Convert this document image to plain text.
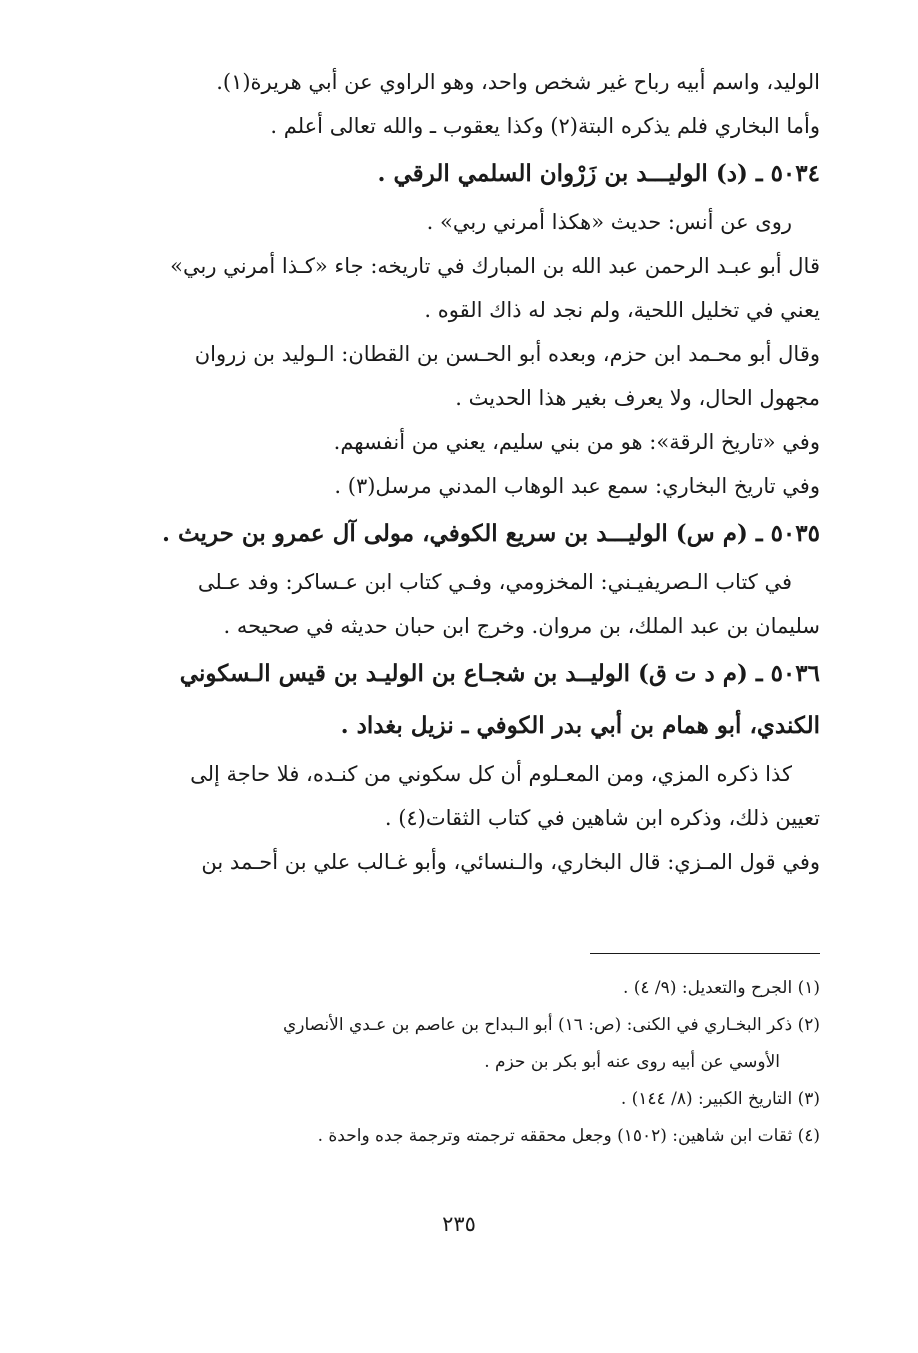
الوليد، واسم أبيه رباح غير شخص واحد، وهو الراوي عن أبي هريرة(١).
وأما البخاري فلم يذكره البتة(٢) وكذا يعقوب ـ والله تعالى أعلم .
٥٠٣٤ ـ (د) الوليـــد بن زَرْوان السلمي الرقي .
روى عن أنس: حديث «هكذا أمرني ربي» .
قال أبو عبـد الرحمن عبد الله بن المبارك في تاريخه: جاء «كـذا أمرني ربي»
يعني في تخليل اللحية، ولم نجد له ذاك القوه .
وقال أبو محـمد ابن حزم، وبعده أبو الحـسن بن القطان: الـوليد بن زروان
مجهول الحال، ولا يعرف بغير هذا الحديث .
وفي «تاريخ الرقة»: هو من بني سليم، يعني من أنفسهم.
وفي تاريخ البخاري: سمع عبد الوهاب المدني مرسل(٣) .
٥٠٣٥ ـ (م س) الوليـــد بن سريع الكوفي، مولى آل عمرو بن حريث .
في كتاب الـصريفيـني: المخزومي، وفـي كتاب ابن عـساكر: وفد عـلى
سليمان بن عبد الملك، بن مروان. وخرج ابن حبان حديثه في صحيحه .
٥٠٣٦ ـ (م د ت ق) الوليــد بن شجـاع بن الوليـد بن قيس الـسكوني
الكندي، أبو همام بن أبي بدر الكوفي ـ نزيل بغداد .
كذا ذكره المزي، ومن المعـلوم أن كل سكوني من كنـده، فلا حاجة إلى
تعيين ذلك، وذكره ابن شاهين في كتاب الثقات(٤) .
وفي قول المـزي: قال البخاري، والـنسائي، وأبو غـالب علي بن أحـمد بن
(١) الجرح والتعديل: (٩/ ٤) .
(٢) ذكر البخـاري في الكنى: (ص: ١٦) أبو الـبداح بن عاصم بن عـدي الأنصاري
الأوسي عن أبيه روى عنه أبو بكر بن حزم .
(٣) التاريخ الكبير: (٨/ ١٤٤) .
(٤) ثقات ابن شاهين: (١٥٠٢) وجعل محققه ترجمته وترجمة جده واحدة .
٢٣٥
